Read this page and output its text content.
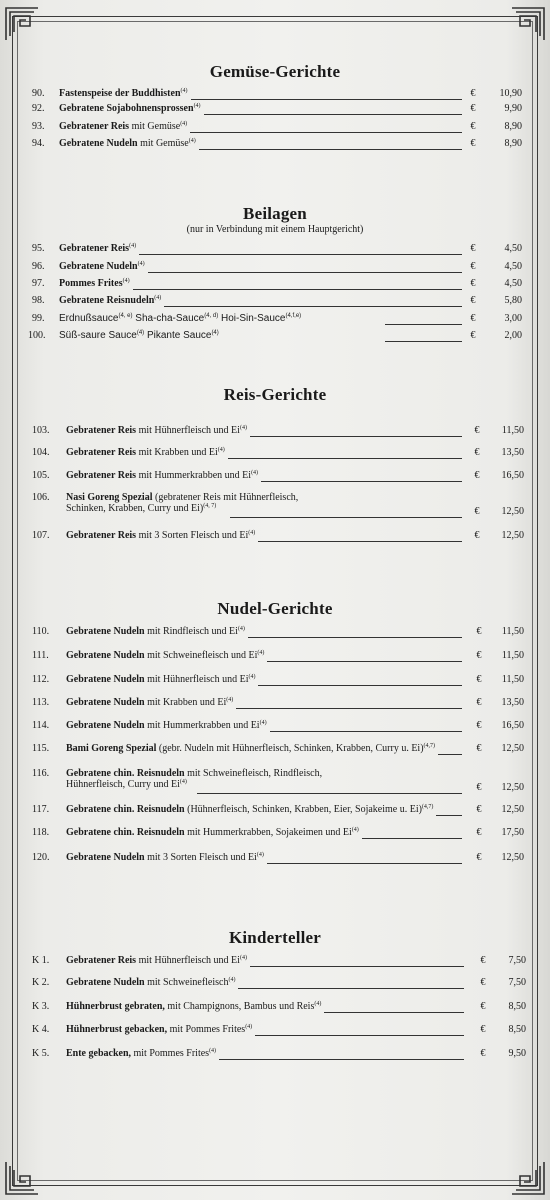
Gemüse-Gerichte
Beilagen
(nur in Verbindung mit einem Hauptgericht)
Reis-Gerichte
Nudel-Gerichte
Kinderteller
90.	Fastenspeise der Buddhisten$^{(4)}$	€	10,90
92.	Gebratene Sojabohnensprossen$^{(4)}$	€	9,90
93.	Gebratener Reis mit Gemüse$^{(4)}$	€	8,90
94.	Gebratene Nudeln mit Gemüse$^{(4)}$	€	8,90
95.	Gebratener Reis$^{(4)}$	€	4,50
96.	Gebratene Nudeln$^{(4)}$	€	4,50
97.	Pommes Frites$^{(4)}$	€	4,50
98.	Gebratene Reisnudeln$^{(4)}$	€	5,80
99.	Erdnußsauce$^{(4, e)}$ Sha-cha-Sauce$^{(4, d)}$ Hoi-Sin-Sauce$^{(4,f,e)}$	€	3,00
100.	Süß-saure Sauce$^{(4)}$ Pikante Sauce$^{(4)}$	€	2,00
103.	Gebratener Reis mit Hühnerfleisch und Ei$^{(4)}$	€	11,50
104.	Gebratener Reis mit Krabben und Ei$^{(4)}$	€	13,50
105.	Gebratener Reis mit Hummerkrabben und Ei$^{(4)}$	€	16,50
106.	Nasi Goreng Spezial (gebratener Reis mit Hühnerfleisch,
Schinken, Krabben, Curry und Ei)$^{(4, 7)}$	€	12,50
107.	Gebratener Reis mit 3 Sorten Fleisch und Ei$^{(4)}$	€	12,50
110.	Gebratene Nudeln mit Rindfleisch und Ei$^{(4)}$	€	11,50
111.	Gebratene Nudeln mit Schweinefleisch und Ei$^{(4)}$	€	11,50
112.	Gebratene Nudeln mit Hühnerfleisch und Ei$^{(4)}$	€	11,50
113.	Gebratene Nudeln mit Krabben und Ei$^{(4)}$	€	13,50
114.	Gebratene Nudeln mit Hummerkrabben und Ei$^{(4)}$	€	16,50
115.	Bami Goreng Spezial (gebr. Nudeln mit Hühnerfleisch, Schinken, Krabben, Curry u. Ei)$^{(4,7)}$	€	12,50
116.	Gebratene chin. Reisnudeln mit Schweinefleisch, Rindfleisch,
Hühnerfleisch, Curry und Ei$^{(4)}$	€	12,50
117.	Gebratene chin. Reisnudeln (Hühnerfleisch, Schinken, Krabben, Eier, Sojakeime u. Ei)$^{(4,7)}$	€	12,50
118.	Gebratene chin. Reisnudeln mit Hummerkrabben, Sojakeimen und Ei$^{(4)}$	€	17,50
120.	Gebratene Nudeln mit 3 Sorten Fleisch und Ei$^{(4)}$	€	12,50
K 1.	Gebratener Reis mit Hühnerfleisch und Ei$^{(4)}$	€	7,50
K 2.	Gebratene Nudeln mit Schweinefleisch$^{(4)}$	€	7,50
K 3.	Hühnerbrust gebraten, mit Champignons, Bambus und Reis$^{(4)}$	€	8,50
K 4.	Hühnerbrust gebacken, mit Pommes Frites$^{(4)}$	€	8,50
K 5.	Ente gebacken, mit Pommes Frites$^{(4)}$	€	9,50
